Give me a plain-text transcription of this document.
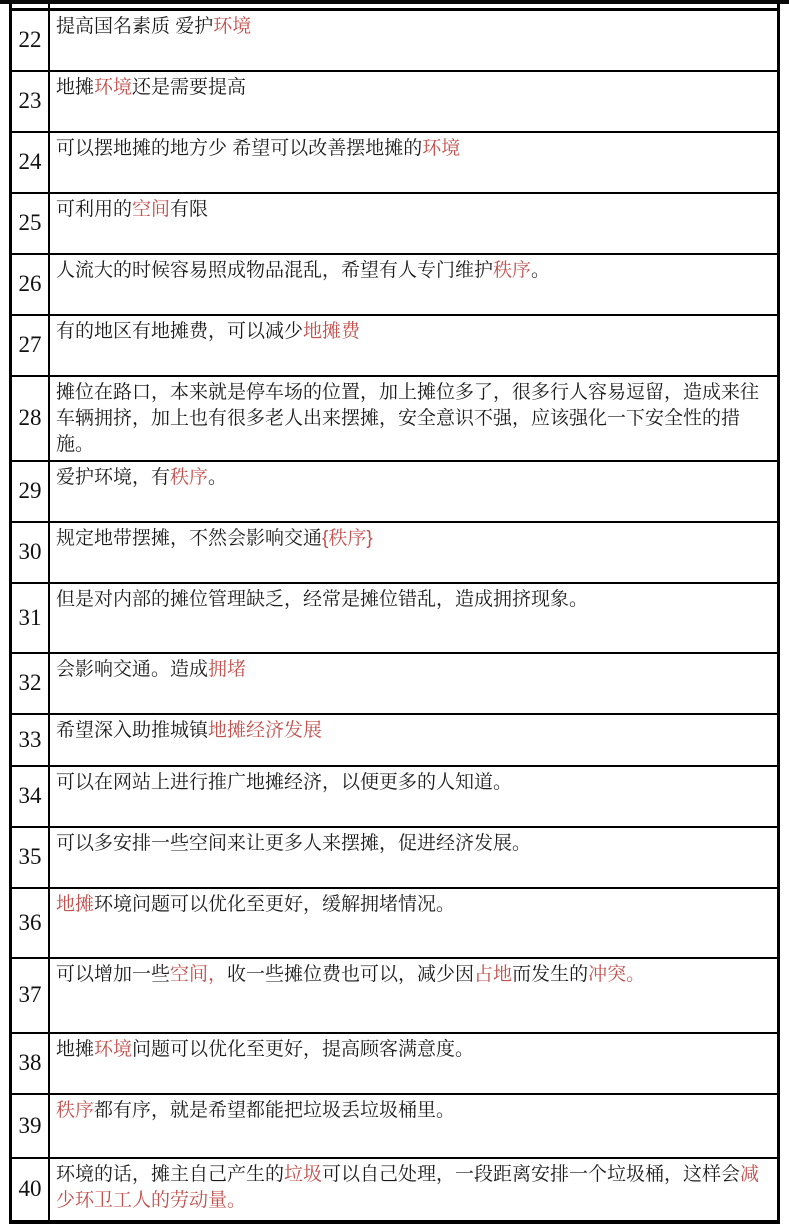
22	提高国名素质 爱护环境
23	地摊环境还是需要提高
24	可以摆地摊的地方少 希望可以改善摆地摊的环境
25	可利用的空间有限
26	人流大的时候容易照成物品混乱，希望有人专门维护秩序。
27	有的地区有地摊费，可以减少地摊费
28	摊位在路口，本来就是停车场的位置，加上摊位多了，很多行人容易逗留，造成来往车辆拥挤，加上也有很多老人出来摆摊，安全意识不强，应该强化一下安全性的措施。
29	爱护环境，有秩序。
30	规定地带摆摊，不然会影响交通{秩序}
31	但是对内部的摊位管理缺乏，经常是摊位错乱，造成拥挤现象。
32	会影响交通。造成拥堵
33	希望深入助推城镇地摊经济发展
34	可以在网站上进行推广地摊经济，以便更多的人知道。
35	可以多安排一些空间来让更多人来摆摊，促进经济发展。
36	地摊环境问题可以优化至更好，缓解拥堵情况。
37	可以增加一些空间，收一些摊位费也可以，减少因占地而发生的冲突。
38	地摊环境问题可以优化至更好，提高顾客满意度。
39	秩序都有序，就是希望都能把垃圾丢垃圾桶里。
40	环境的话，摊主自己产生的垃圾可以自己处理，一段距离安排一个垃圾桶，这样会减少环卫工人的劳动量。
